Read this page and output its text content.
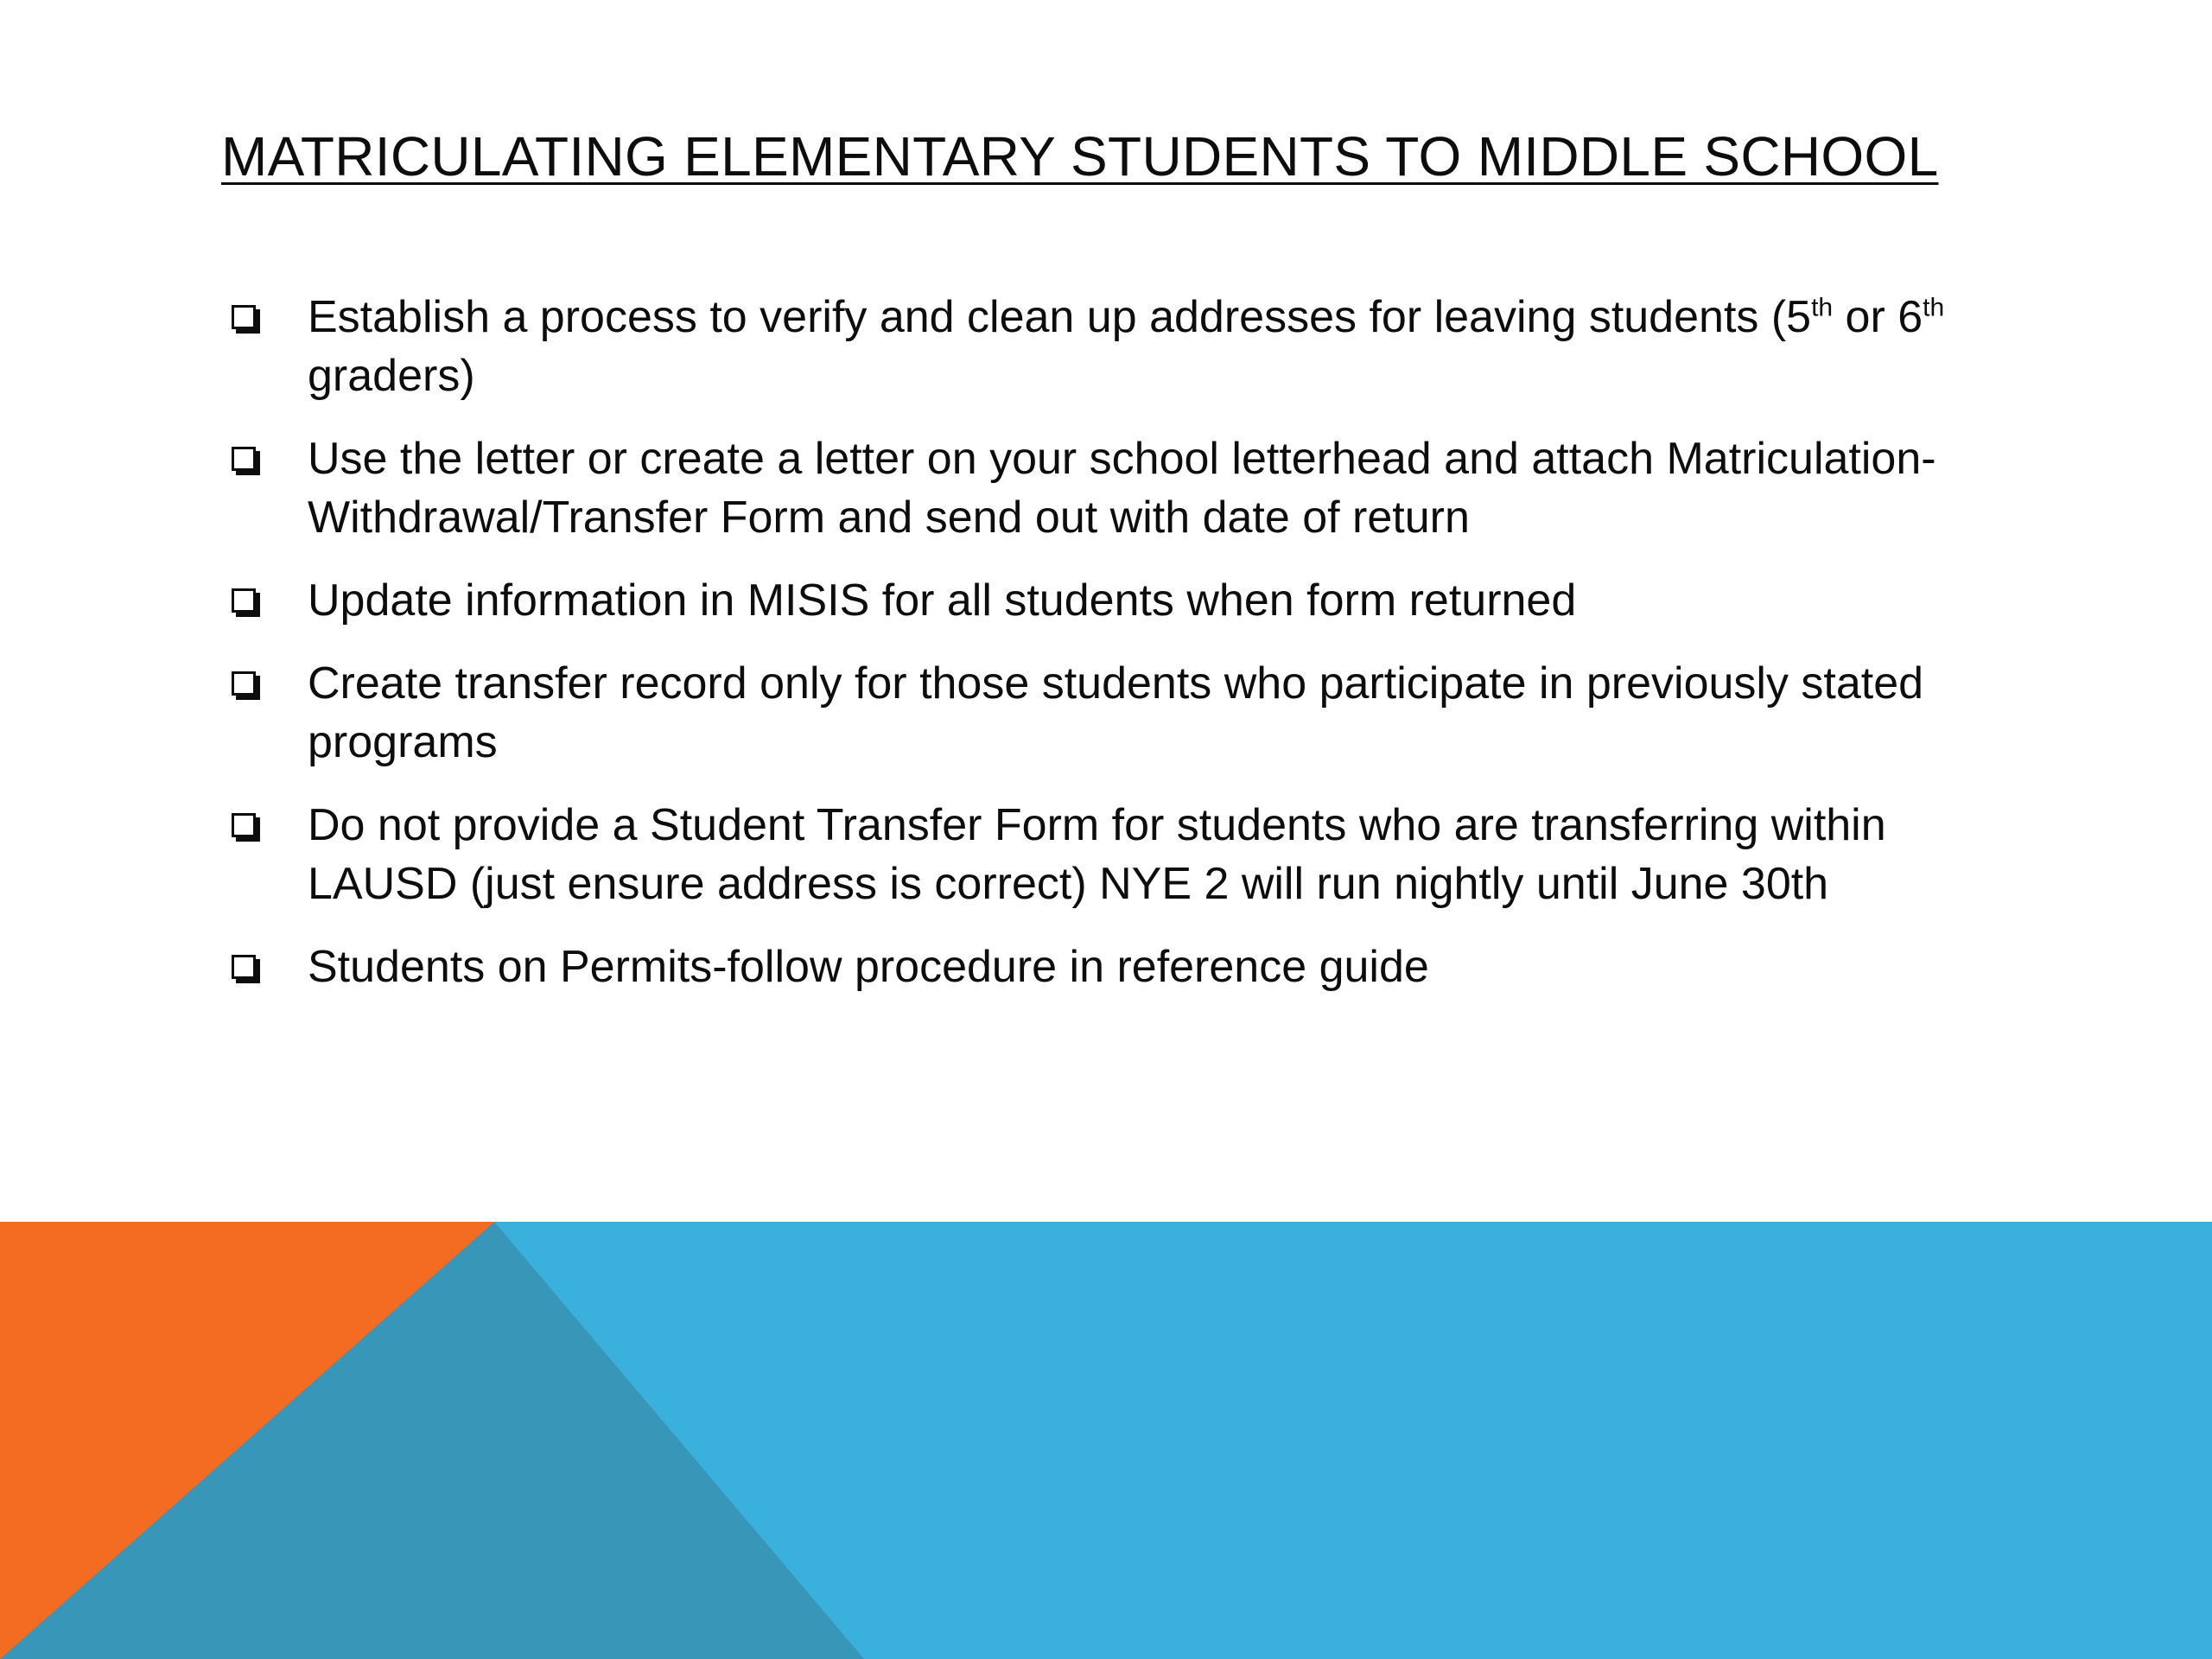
MATRICULATING ELEMENTARY STUDENTS TO MIDDLE SCHOOL
Establish a process to verify and clean up addresses for leaving students (5th or 6th graders)
Use the letter or create a letter on your school letterhead and attach Matriculation-Withdrawal/Transfer Form and send out with date of return
Update information in MISIS for all students when form returned
Create transfer record only for those students who participate in previously stated programs
Do not provide a Student Transfer Form for students who are transferring within LAUSD (just ensure address is correct) NYE 2 will run nightly until June 30th
Students on Permits-follow procedure in reference guide
